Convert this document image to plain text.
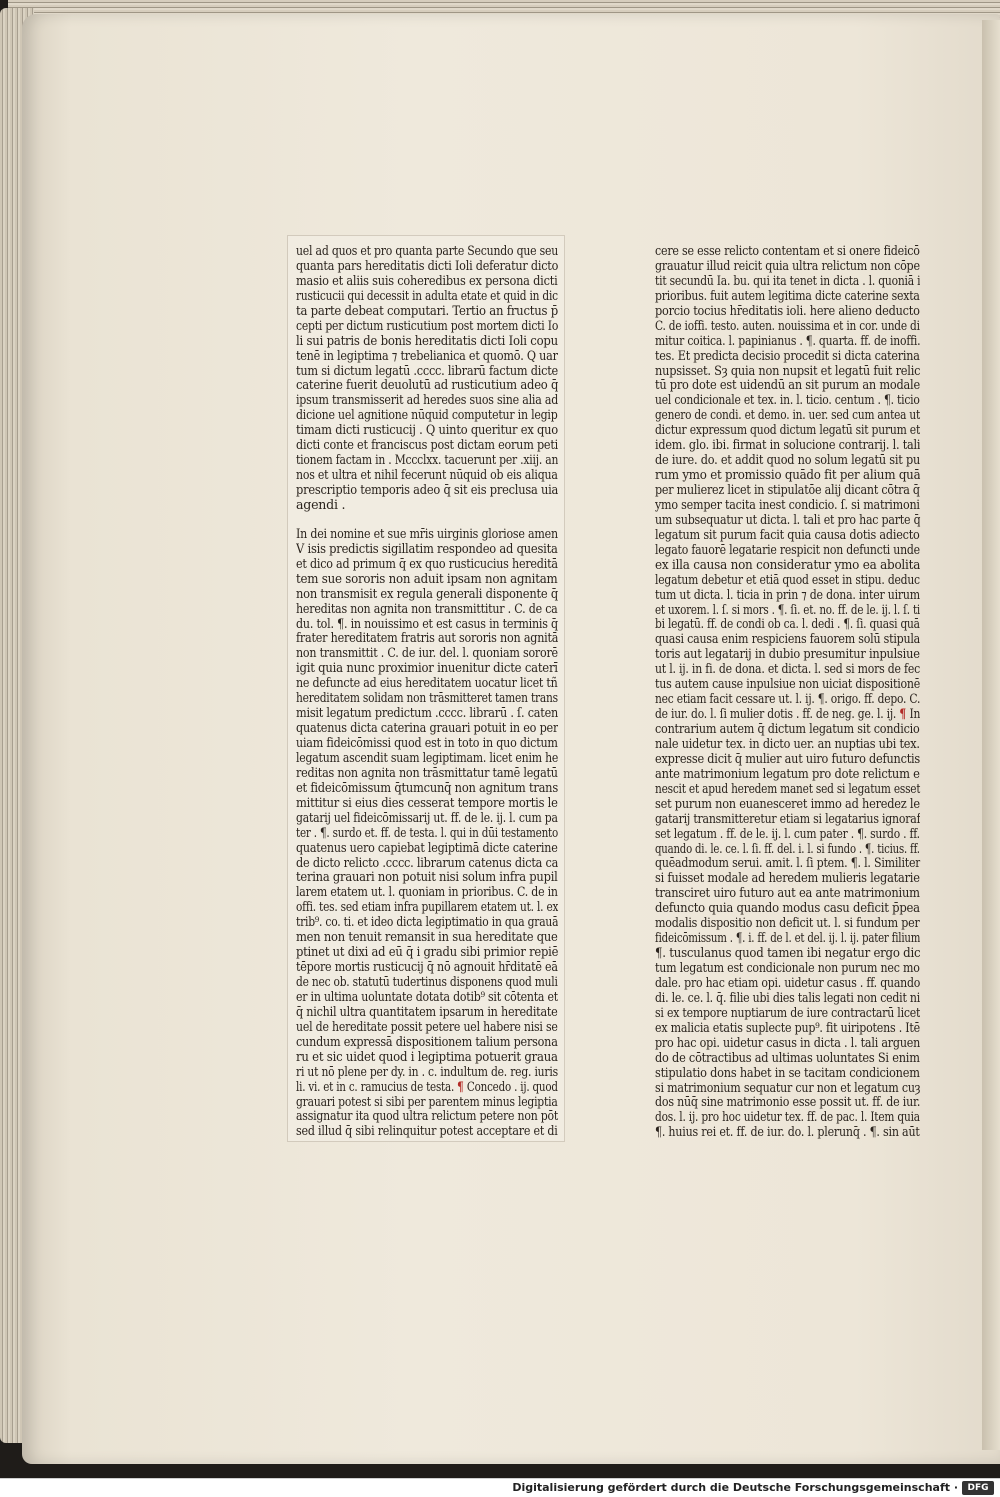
uel ad quos et pro quanta parte Secundo que seu
quanta pars hereditatis dicti Ioli deferatur dicto
masio et aliis suis coheredibus ex persona dicti
rusticucii qui decessit in adulta etate et quid in dic
ta parte debeat computari. Tertio an fructus p̄
cepti per dictum rusticutium post mortem dicti Io
li sui patris de bonis hereditatis dicti Ioli copu
tenē in legiptima ⁊ trebelianica et quomō. Q uar
tum si dictum legatū .cccc. librarū factum dicte
caterine fuerit deuolutū ad rusticutium adeo q̄
ipsum transmisserit ad heredes suos sine alia ad
dicione uel agnitione nūquid computetur in legip
timam dicti rusticucij . Q uinto queritur ex quo
dicti conte et franciscus post dictam eorum peti
tionem factam in . Mccclxx. tacuerunt per .xiij. an
nos et ultra et nihil fecerunt nūquid ob eis aliqua
prescriptio temporis adeo q̄ sit eis preclusa uia
agendi .
In dei nomine et sue mr̄is uirginis gloriose amen
V isis predictis sigillatim respondeo ad quesita
et dico ad primum q̄ ex quo rusticucius hereditā
tem sue sororis non aduit ipsam non agnitam
non transmisit ex regula generali disponente q̄
hereditas non agnita non transmittitur . C. de ca
du. tol. ¶. in nouissimo et est casus in terminis q̄
frater hereditatem fratris aut sororis non agnitā
non transmittit . C. de iur. del. l. quoniam sororē
igit̄ quia nunc proximior inuenitur dicte caterī
ne defuncte ad eius hereditatem uocatur licet tñ
hereditatem solidam non trāsmitteret tamen trans
misit legatum predictum .cccc. librarū . ſ. caten
quatenus dicta caterina grauari potuit in eo per
uiam fideicōmissi quod est in toto in quo dictum
legatum ascendit suam legiptimam. licet enim he
reditas non agnita non trāsmittatur tamē legatū
et fideicōmissum q̄tumcunq̄ non agnitum trans
mittitur si eius dies cesserat tempore mortis le
gatarij uel fideicōmissarij ut. ff. de le. ij. l. cum pa
ter . ¶. surdo et. ff. de testa. l. qui in dūi testamento
quatenus uero capiebat legiptimā dicte caterine
de dicto relicto .cccc. librarum catenus dicta ca
terina grauari non potuit nisi solum infra pupil
larem etatem ut. l. quoniam in prioribus. C. de in
offi. tes. sed etiam infra pupillarem etatem ut. l. ex
trib⁹. co. ti. et ideo dicta legiptimatio in qua grauā
men non tenuit remansit in sua hereditate que
ptinet ut dixi ad eū q̄ i gradu sibi primior repiē
tēpore mortis rusticucij q̄ nō agnouit hr̄ditatē eā
de nec ob. statutū tudertinus disponens quod muli
er in ultima uoluntate dotata dotib⁹ sit cōtenta et
q̄ nichil ultra quantitatem ipsarum in hereditate
uel de hereditate possit petere uel habere nisi se
cundum expressā dispositionem talium persona
ru et sic uidet̄ quod i legiptima potuerit graua
ri ut nō plene per dy. in . c. indultum de. reg. iuris
li. vi. et in c. ramucius de testa. ¶ Concedo . ij. quod
grauari potest si sibi per parentem minus legiptia
assignatur ita quod ultra relictum petere non pōt
sed illud q̄ sibi relinquitur potest acceptare et di
cere se esse relicto contentam et si onere fideicō
grauatur illud reicit quia ultra relictum non cōpe
tit secundū Ia. bu. qui ita tenet in dicta . l. quoniā i
prioribus. fuit autem legitima dicte caterine sexta
porcio tocius hr̄editatis ioli. here alieno deducto
C. de ioffi. testo. auten. nouissima et in cor. unde di
mitur coitica. l. papinianus . ¶. quarta. ff. de inoffi.
tes. Et predicta decisio procedit si dicta caterina
nupsisset. Sȝ quia non nupsit et legatū fuit relic
tū pro dote est uidendū an sit purum an modale
uel condicionale et tex. in. l. ticio. centum . ¶. ticio
genero de condi. et demo. in. uer. sed cum antea ut
dictur expressum quod dictum legatū sit purum et
idem. glo. ibi. firmat in solucione contrarij. l. tali
de iure. do. et addit quod no solum legatū sit pu
rum ymo et promissio quādo fit per alium quā
per mulierez licet in stipulatōe alij dicant cōtra q̄
ymo semper tacita inest condicio. ſ. si matrimoni
um subsequatur ut dicta. l. tali et pro hac parte q̄
legatum sit purum facit quia causa dotis adiecto
legato fauorē legatarie respicit non defuncti unde
ex illa causa non consideratur ymo ea abolita
legatum debetur et etiā quod esset in stipu. deduc
tum ut dicta. l. ticia in prin ⁊ de dona. inter uirum
et uxorem. l. ſ. si mors . ¶. ſi. et. no. ff. de le. ij. l. ſ. ti
bi legatū. ff. de condi ob ca. l. dedi . ¶. ſi. quasi quā
quasi causa enim respiciens fauorem solū stipula
toris aut legatarij in dubio presumitur inpulsiue
ut l. ij. in fi. de dona. et dicta. l. sed si mors de fec
tus autem cause inpulsiue non uiciat dispositionē
nec etiam facit cessare ut. l. ij. ¶. origo. ff. depo. C.
de iur. do. l. ſi mulier dotis . ff. de neg. ge. l. ij. ¶ In
contrarium autem q̄ dictum legatum sit condicio
nale uidetur tex. in dicto uer. an nuptias ubi tex.
expresse dicit q̄ mulier aut uiro futuro defunctis
ante matrimonium legatum pro dote relictum e
nescit et apud heredem manet sed si legatum esset
set purum non euanesceret immo ad heredez le
gatarij transmitteretur etiam si legatarius ignoraf
set legatum . ff. de le. ij. l. cum pater . ¶. surdo . ff.
quando di. le. ce. l. ſi. ff. del. i. l. si fundo . ¶. ticius. ff.
quēadmodum serui. amit. l. ſi ptem. ¶. l. Similiter
si fuisset modale ad heredem mulieris legatarie
transciret uiro futuro aut ea ante matrimonium
defuncto quia quando modus casu deficit p̄pea
modalis dispositio non deficit ut. l. si fundum per
fideicōmissum . ¶. i. ff. de l. et del. ij. l. ij. pater filium
¶. tusculanus quod tamen ibi negatur ergo dic
tum legatum est condicionale non purum nec mo
dale. pro hac etiam opi. uidetur casus . ff. quando
di. le. ce. l. q̄. filie ubi dies talis legati non cedit ni
si ex tempore nuptiarum de iure contractarū licet
ex malicia etatis suplecte pup⁹. fit uiripotens . Itē
pro hac opi. uidetur casus in dicta . l. tali arguen
do de cōtractibus ad ultimas uoluntates Si enim
stipulatio dons habet in se tacitam condicionem
si matrimonium sequatur cur non et legatum cuȝ
dos nūq̄ sine matrimonio esse possit ut. ff. de iur.
dos. l. ij. pro hoc uidetur tex. ff. de pac. l. Item quia
¶. huius rei et. ff. de iur. do. l. plerunq̄ . ¶. sin aūt
Digitalisierung gefördert durch die Deutsche Forschungsgemeinschaft ·	DFG
